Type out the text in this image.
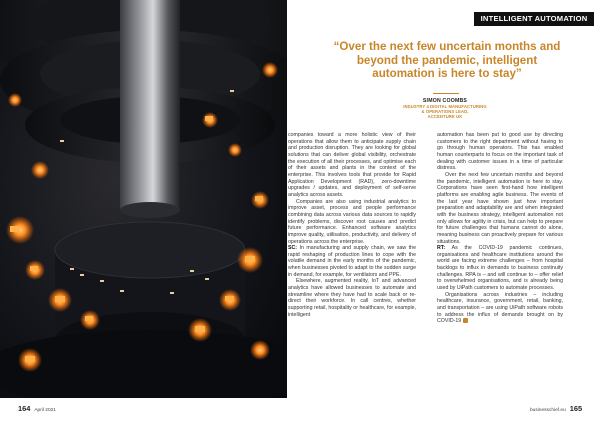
164 April 2021
INTELLIGENT AUTOMATION
“Over the next few uncertain months and beyond the pandemic, intelligent automation is here to stay”
SIMON COOMBS
INDUSTRY 4 DIGITAL MANUFACTURING
& OPERATIONS LEAD,
ACCENTURE UK

companies toward a more holistic view of their operations that allow them to anticipate supply chain and production disruption. They are looking for global solutions that can deliver global visibility, orchestrate the execution of all their processes, and optimise each of their assets and plants in the context of the enterprise. This involves tools that provide for Rapid Application Development (RAD), zero-downtime upgrades / updates, and deployment of self-serve analytics across assets.

Companies are also using industrial analytics to improve asset, process and people performance combining data across various data sources to rapidly identify problems, discover root causes and predict future performance. Enhanced software analytics improve quality, utilisation, productivity, and delivery of operations across the enterprise.

SC: In manufacturing and supply chain, we saw the rapid reshaping of production lines to cope with the volatile demand in the early months of the pandemic, when businesses pivoted to adapt to the sudden surge in demand, for example, for ventilators and PPE.

Elsewhere, augmented reality, IoT and advanced analytics have allowed businesses to automate and streamline where they have had to scale back or re-direct their workforce. In call centres, whether supporting retail, hospitality or healthcare, for example, intelligent

automation has been put to good use by directing customers to the right department without having to go through human operators. This has enabled human counterparts to focus on the important task of dealing with customer issues in a time of particular distress.

Over the next few uncertain months and beyond the pandemic, intelligent automation is here to stay. Corporations have seen first-hand how intelligent platforms are enabling agile business. The events of the last year have shown just how important preparation and adaptability are and when integrated with the business strategy, intelligent automation not only allows for agility in crisis, but can help to prepare for future challenges that humans cannot do alone, meaning business can proactively prepare for various situations.

RT: As the COVID-19 pandemic continues, organisations and healthcare institutions around the world are facing extreme challenges – from hospital backlogs to influx in demands to business continuity challenges. RPA is – and will continue to – offer relief to overwhelmed organisations, and is already being used by UiPath customers to automate processes.

Organisations across industries – including healthcare, insurance, government, retail, banking, and transportation – are using UiPath software robots to address the influx of demands brought on by COVID-19

businesschief.eu 165
